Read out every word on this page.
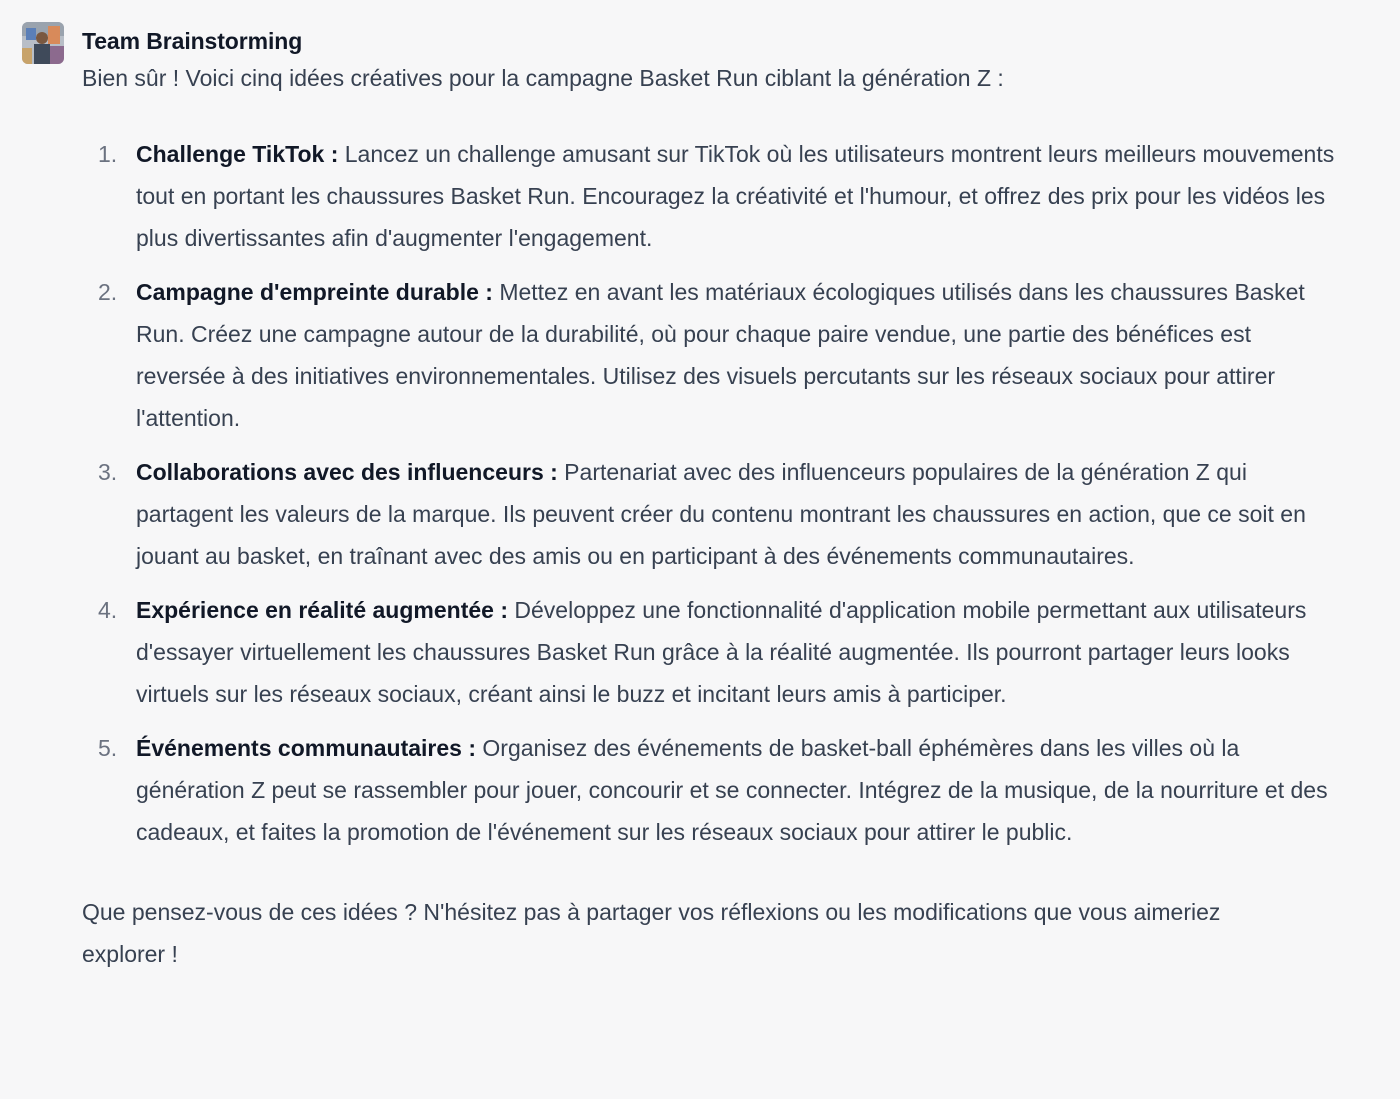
Team Brainstorming

Bien sûr ! Voici cinq idées créatives pour la campagne Basket Run ciblant la génération Z :

1. Challenge TikTok : Lancez un challenge amusant sur TikTok où les utilisateurs montrent leurs meilleurs mouvements tout en portant les chaussures Basket Run. Encouragez la créativité et l'humour, et offrez des prix pour les vidéos les plus divertissantes afin d'augmenter l'engagement.
2. Campagne d'empreinte durable : Mettez en avant les matériaux écologiques utilisés dans les chaussures Basket Run. Créez une campagne autour de la durabilité, où pour chaque paire vendue, une partie des bénéfices est reversée à des initiatives environnementales. Utilisez des visuels percutants sur les réseaux sociaux pour attirer l'attention.
3. Collaborations avec des influenceurs : Partenariat avec des influenceurs populaires de la génération Z qui partagent les valeurs de la marque. Ils peuvent créer du contenu montrant les chaussures en action, que ce soit en jouant au basket, en traînant avec des amis ou en participant à des événements communautaires.
4. Expérience en réalité augmentée : Développez une fonctionnalité d'application mobile permettant aux utilisateurs d'essayer virtuellement les chaussures Basket Run grâce à la réalité augmentée. Ils pourront partager leurs looks virtuels sur les réseaux sociaux, créant ainsi le buzz et incitant leurs amis à participer.
5. Événements communautaires : Organisez des événements de basket-ball éphémères dans les villes où la génération Z peut se rassembler pour jouer, concourir et se connecter. Intégrez de la musique, de la nourriture et des cadeaux, et faites la promotion de l'événement sur les réseaux sociaux pour attirer le public.

Que pensez-vous de ces idées ? N'hésitez pas à partager vos réflexions ou les modifications que vous aimeriez explorer !
